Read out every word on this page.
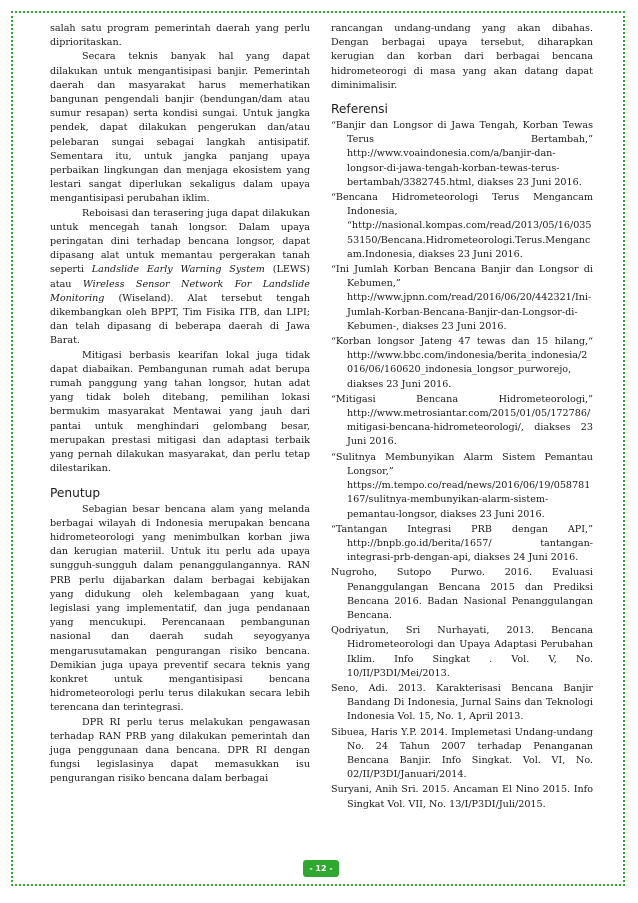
salah satu program pemerintah daerah yang perlu diprioritaskan.

Secara teknis banyak hal yang dapat dilakukan untuk mengantisipasi banjir. Pemerintah daerah dan masyarakat harus memerhatikan bangunan pengendali banjir (bendungan/dam atau sumur resapan) serta kondisi sungai. Untuk jangka pendek, dapat dilakukan pengerukan dan/atau pelebaran sungai sebagai langkah antisipatif. Sementara itu, untuk jangka panjang upaya perbaikan lingkungan dan menjaga ekosistem yang lestari sangat diperlukan sekaligus dalam upaya mengantisipasi perubahan iklim.

Reboisasi dan terasering juga dapat dilakukan untuk mencegah tanah longsor. Dalam upaya peringatan dini terhadap bencana longsor, dapat dipasang alat untuk memantau pergerakan tanah seperti Landslide Early Warning System (LEWS) atau Wireless Sensor Network For Landslide Monitoring (Wiseland). Alat tersebut tengah dikembangkan oleh BPPT, Tim Fisika ITB, dan LIPI; dan telah dipasang di beberapa daerah di Jawa Barat.

Mitigasi berbasis kearifan lokal juga tidak dapat diabaikan. Pembangunan rumah adat berupa rumah panggung yang tahan longsor, hutan adat yang tidak boleh ditebang, pemilihan lokasi bermukim masyarakat Mentawai yang jauh dari pantai untuk menghindari gelombang besar, merupakan prestasi mitigasi dan adaptasi terbaik yang pernah dilakukan masyarakat, dan perlu tetap dilestarikan.

Penutup

Sebagian besar bencana alam yang melanda berbagai wilayah di Indonesia merupakan bencana hidrometeorologi yang menimbulkan korban jiwa dan kerugian materiil. Untuk itu perlu ada upaya sungguh-sungguh dalam penanggulangannya. RAN PRB perlu dijabarkan dalam berbagai kebijakan yang didukung oleh kelembagaan yang kuat, legislasi yang implementatif, dan juga pendanaan yang mencukupi. Perencanaan pembangunan nasional dan daerah sudah seyogyanya mengarusutamakan pengurangan risiko bencana. Demikian juga upaya preventif secara teknis yang konkret untuk mengantisipasi bencana hidrometeorologi perlu terus dilakukan secara lebih terencana dan terintegrasi.

DPR RI perlu terus melakukan pengawasan terhadap RAN PRB yang dilakukan pemerintah dan juga penggunaan dana bencana. DPR RI dengan fungsi legislasinya dapat memasukkan isu pengurangan risiko bencana dalam berbagai

rancangan undang-undang yang akan dibahas. Dengan berbagai upaya tersebut, diharapkan kerugian dan korban dari berbagai bencana hidrometeorogi di masa yang akan datang dapat diminimalisir.

Referensi

“Banjir dan Longsor di Jawa Tengah, Korban Tewas Terus Bertambah,” http://www.voaindonesia.com/a/banjir-dan-longsor-di-jawa-tengah-korban-tewas-terus-bertambah/3382745.html, diakses 23 Juni 2016.

“Bencana Hidrometeorologi Terus Mengancam Indonesia, “http://nasional.kompas.com/read/2013/05/16/03553150/Bencana.Hidrometeorologi.Terus.Mengancam.Indonesia, diakses 23 Juni 2016.

“Ini Jumlah Korban Bencana Banjir dan Longsor di Kebumen,” http://www.jpnn.com/read/2016/06/20/442321/Ini-Jumlah-Korban-Bencana-Banjir-dan-Longsor-di-Kebumen-, diakses 23 Juni 2016.

“Korban longsor Jateng 47 tewas dan 15 hilang,“ http://www.bbc.com/indonesia/berita_indonesia/2016/06/160620_indonesia_longsor_purworejo, diakses 23 Juni 2016.

“Mitigasi Bencana Hidrometeorologi,” http://www.metrosiantar.com/2015/01/05/172786/mitigasi-bencana-hidrometeorologi/, diakses 23 Juni 2016.

“Sulitnya Membunyikan Alarm Sistem Pemantau Longsor,” https://m.tempo.co/read/news/2016/06/19/058781167/sulitnya-membunyikan-alarm-sistem-pemantau-longsor, diakses 23 Juni 2016.

“Tantangan Integrasi PRB dengan API,” http://bnpb.go.id/berita/1657/ tantangan-integrasi-prb-dengan-api, diakses 24 Juni 2016.

Nugroho, Sutopo Purwo. 2016. Evaluasi Penanggulangan Bencana 2015 dan Prediksi Bencana 2016. Badan Nasional Penanggulangan Bencana.

Qodriyatun, Sri Nurhayati, 2013. Bencana Hidrometeorologi dan Upaya Adaptasi Perubahan Iklim. Info Singkat . Vol. V, No. 10/II/P3DI/Mei/2013.

Seno, Adi. 2013. Karakterisasi Bencana Banjir Bandang Di Indonesia, Jurnal Sains dan Teknologi Indonesia Vol. 15, No. 1, April 2013.

Sibuea, Haris Y.P. 2014. Implemetasi Undang-undang No. 24 Tahun 2007 terhadap Penanganan Bencana Banjir. Info Singkat. Vol. VI, No. 02/II/P3DI/Januari/2014.

Suryani, Anih Sri. 2015. Ancaman El Nino 2015. Info Singkat Vol. VII, No. 13/I/P3DI/Juli/2015.

- 12 -
